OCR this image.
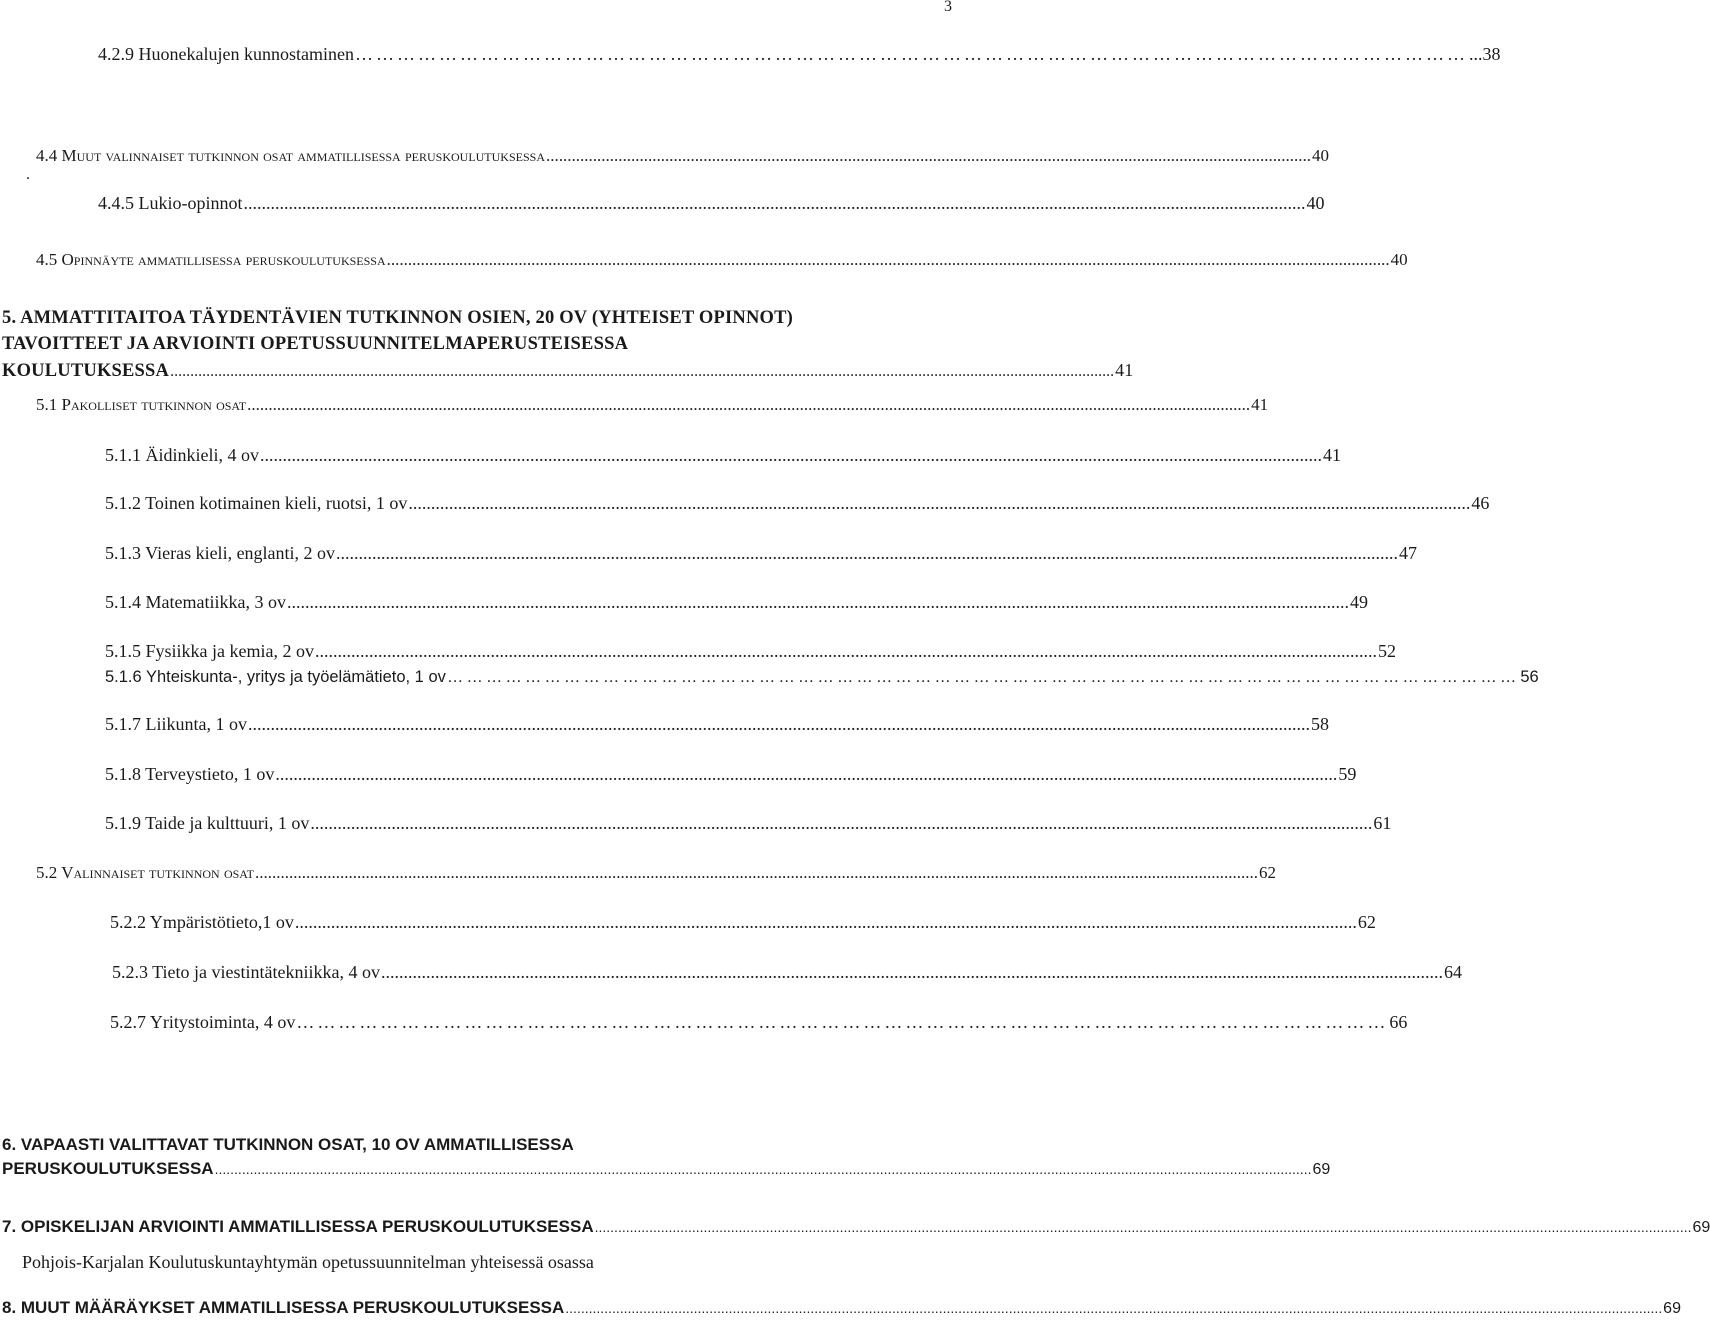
3
.
4.2.9 Huonekalujen kunnostaminen …………………………………………………………………………………………………………………………………………… ...38
4.4 Muut valinnaiset tutkinnon osat ammatillisessa peruskoulutuksessa .................................................................................................................................................................................... 40
4.4.5 Lukio-opinnot ............................................................................................................................................................................................................................................ 40
4.5 Opinnäyte ammatillisessa peruskoulutuksessa ............................................................................................................................................................................................................................................ 40
5. AMMATTITAITOA TÄYDENTÄVIEN TUTKINNON OSIEN, 20 OV (YHTEISET OPINNOT)
TAVOITTEET JA ARVIOINTI OPETUSSUUNNITELMAPERUSTEISESSA
KOULUTUKSESSA ............................................................................................................................................................................................................................................ 41
5.1 Pakolliset tutkinnon osat ............................................................................................................................................................................................................................................ 41
5.1.1 Äidinkieli, 4 ov ............................................................................................................................................................................................................................................ 41
5.1.2 Toinen kotimainen kieli, ruotsi, 1 ov ............................................................................................................................................................................................................................................ 46
5.1.3 Vieras kieli, englanti, 2 ov ............................................................................................................................................................................................................................................ 47
5.1.4 Matematiikka, 3 ov ............................................................................................................................................................................................................................................ 49
5.1.5 Fysiikka ja kemia, 2 ov ............................................................................................................................................................................................................................................ 52
5.1.6 Yhteiskunta-, yritys ja työelämätieto, 1 ov ………………………………………………………………………………………………………………………………………………… 56
5.1.7 Liikunta, 1 ov ............................................................................................................................................................................................................................................ 58
5.1.8 Terveystieto, 1 ov ............................................................................................................................................................................................................................................ 59
5.1.9 Taide ja kulttuuri, 1 ov ............................................................................................................................................................................................................................................ 61
5.2 Valinnaiset tutkinnon osat ............................................................................................................................................................................................................................................ 62
5.2.2 Ympäristötieto,1 ov ............................................................................................................................................................................................................................................ 62
5.2.3 Tieto ja viestintätekniikka, 4 ov ............................................................................................................................................................................................................................................ 64
5.2.7 Yritystoiminta, 4 ov ………………………………………………………………………………………………………………………………………… 66
6. VAPAASTI VALITTAVAT TUTKINNON OSAT, 10 OV AMMATILLISESSA
PERUSKOULUTUKSESSA .......................................................................................................................................................................................................................................................................................... 69
7. OPISKELIJAN ARVIOINTI AMMATILLISESSA PERUSKOULUTUKSESSA .......................................................................................................................................................................................................................................................................................... 69
Pohjois-Karjalan Koulutuskuntayhtymän opetussuunnitelman yhteisessä osassa
8. MUUT MÄÄRÄYKSET AMMATILLISESSA PERUSKOULUTUKSESSA .......................................................................................................................................................................................................................................................................................... 69
